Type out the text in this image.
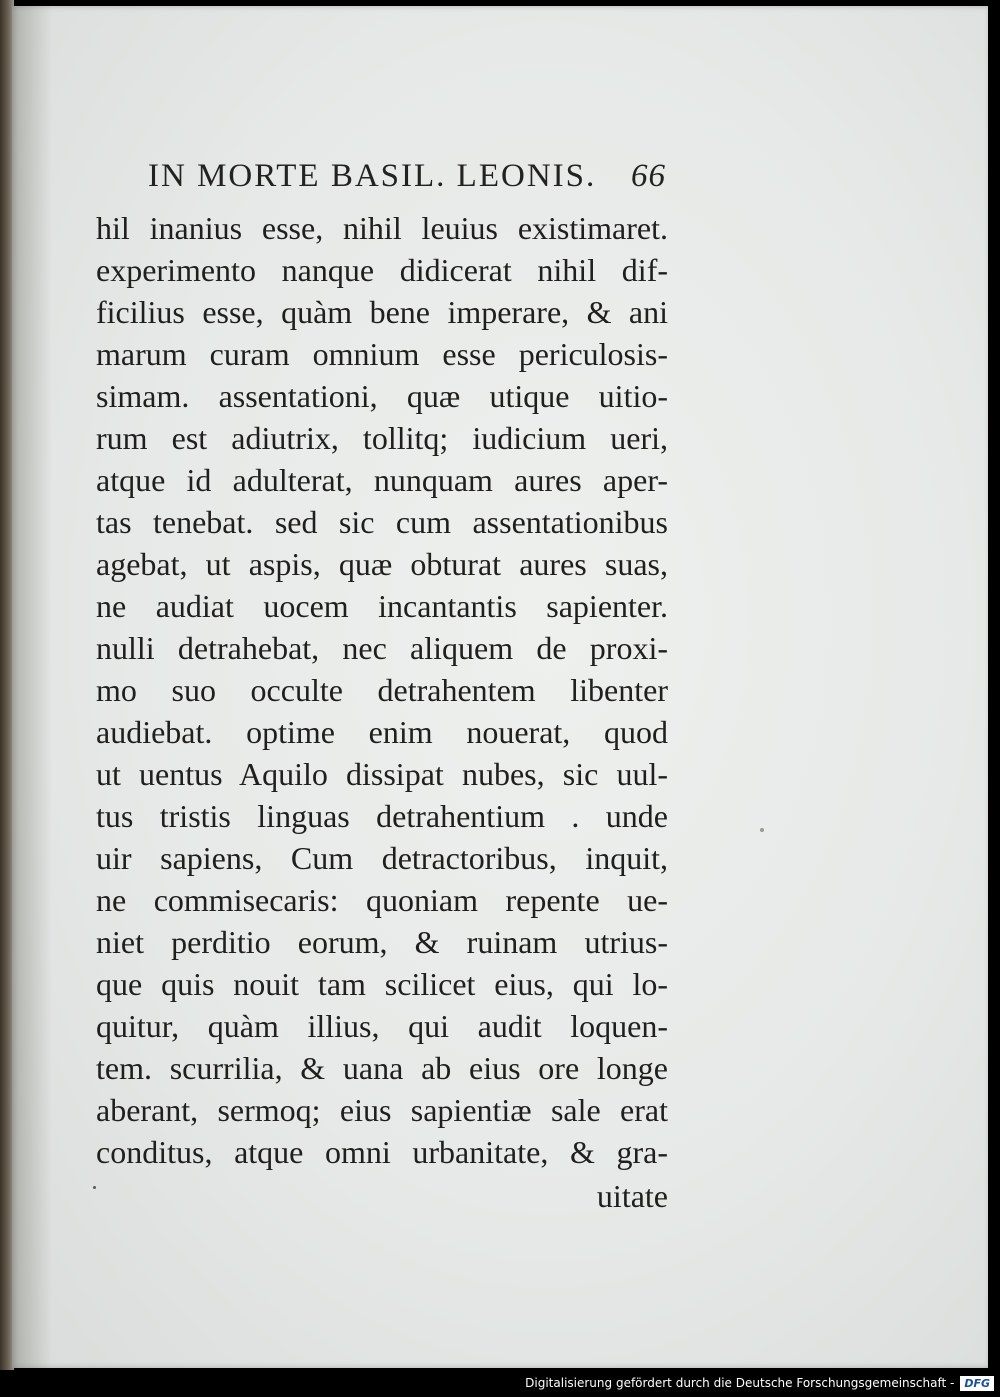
IN MORTE BASIL. LEONIS. 66
hil inanius esse, nihil leuius existimaret.
experimento nanque didicerat nihil dif-
ficilius esse, quàm bene imperare, & ani
marum curam omnium esse periculosis-
simam. assentationi, quæ utique uitio-
rum est adiutrix, tollitq; iudicium ueri,
atque id adulterat, nunquam aures aper-
tas tenebat. sed sic cum assentationibus
agebat, ut aspis, quæ obturat aures suas,
ne audiat uocem incantantis sapienter.
nulli detrahebat, nec aliquem de proxi-
mo suo occulte detrahentem libenter
audiebat. optime enim nouerat, quod
ut uentus Aquilo dissipat nubes, sic uul-
tus tristis linguas detrahentium . unde
uir sapiens, Cum detractoribus, inquit,
ne commisecaris: quoniam repente ue-
niet perditio eorum, & ruinam utrius-
que quis nouit tam scilicet eius, qui lo-
quitur, quàm illius, qui audit loquen-
tem. scurrilia, & uana ab eius ore longe
aberant, sermoq; eius sapientiæ sale erat
conditus, atque omni urbanitate, & gra-
uitate
Digitalisierung gefördert durch die Deutsche Forschungsgemeinschaft - DFG
